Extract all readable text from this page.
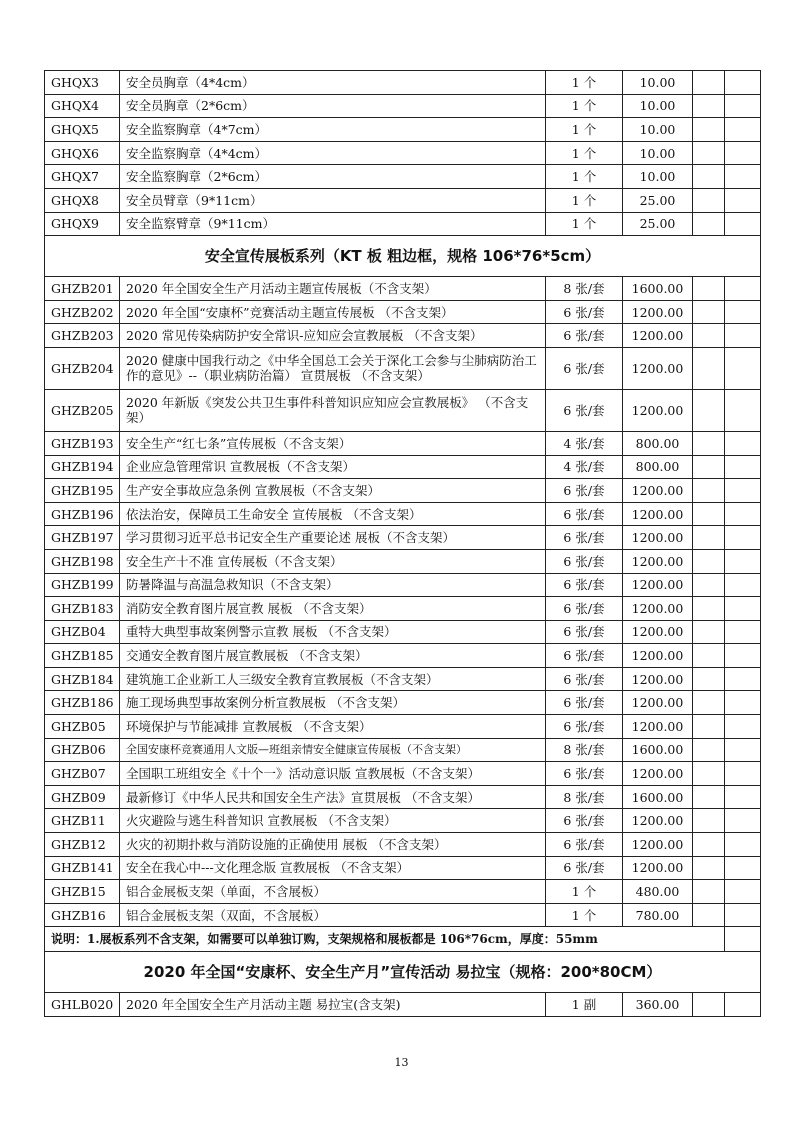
GHQX3	安全员胸章（4*4cm）	1 个	10.00		
GHQX4	安全员胸章（2*6cm）	1 个	10.00		
GHQX5	安全监察胸章（4*7cm）	1 个	10.00		
GHQX6	安全监察胸章（4*4cm）	1 个	10.00		
GHQX7	安全监察胸章（2*6cm）	1 个	10.00		
GHQX8	安全员臂章（9*11cm）	1 个	25.00		
GHQX9	安全监察臂章（9*11cm）	1 个	25.00		
安全宣传展板系列（KT 板 粗边框，规格 106*76*5cm）					
GHZB201	2020 年全国安全生产月活动主题宣传展板（不含支架）	8 张/套	1600.00		
GHZB202	2020 年全国“安康杯”竞赛活动主题宣传展板 （不含支架）	6 张/套	1200.00		
GHZB203	2020 常见传染病防护安全常识-应知应会宣教展板 （不含支架）	6 张/套	1200.00		
GHZB204	2020 健康中国我行动之《中华全国总工会关于深化工会参与尘肺病防治工作的意见》--（职业病防治篇） 宣贯展板 （不含支架）	6 张/套	1200.00		
GHZB205	2020 年新版《突发公共卫生事件科普知识应知应会宣教展板》 （不含支架）	6 张/套	1200.00		
GHZB193	安全生产“红七条”宣传展板（不含支架）	4 张/套	800.00		
GHZB194	企业应急管理常识 宣教展板（不含支架）	4 张/套	800.00		
GHZB195	生产安全事故应急条例 宣教展板（不含支架）	6 张/套	1200.00		
GHZB196	依法治安，保障员工生命安全 宣传展板 （不含支架）	6 张/套	1200.00		
GHZB197	学习贯彻习近平总书记安全生产重要论述 展板（不含支架）	6 张/套	1200.00		
GHZB198	安全生产十不准 宣传展板（不含支架）	6 张/套	1200.00		
GHZB199	防暑降温与高温急救知识（不含支架）	6 张/套	1200.00		
GHZB183	消防安全教育图片展宣教 展板 （不含支架）	6 张/套	1200.00		
GHZB04	重特大典型事故案例警示宣教 展板 （不含支架）	6 张/套	1200.00		
GHZB185	交通安全教育图片展宣教展板 （不含支架）	6 张/套	1200.00		
GHZB184	建筑施工企业新工人三级安全教育宣教展板（不含支架）	6 张/套	1200.00		
GHZB186	施工现场典型事故案例分析宣教展板 （不含支架）	6 张/套	1200.00		
GHZB05	环境保护与节能减排 宣教展板 （不含支架）	6 张/套	1200.00		
GHZB06	全国安康杯竞赛通用人文版—班组亲情安全健康宣传展板（不含支架）	8 张/套	1600.00		
GHZB07	全国职工班组安全《十个一》活动意识版 宣教展板（不含支架）	6 张/套	1200.00		
GHZB09	最新修订《中华人民共和国安全生产法》宣贯展板 （不含支架）	8 张/套	1600.00		
GHZB11	火灾避险与逃生科普知识 宣教展板 （不含支架）	6 张/套	1200.00		
GHZB12	火灾的初期扑救与消防设施的正确使用 展板 （不含支架）	6 张/套	1200.00		
GHZB141	安全在我心中---文化理念版 宣教展板 （不含支架）	6 张/套	1200.00		
GHZB15	铝合金展板支架（单面，不含展板）	1 个	480.00		
GHZB16	铝合金展板支架（双面，不含展板）	1 个	780.00		
说明：1.展板系列不含支架，如需要可以单独订购，支架规格和展板都是 106*76cm，厚度：55mm					
2020 年全国“安康杯、安全生产月”宣传活动 易拉宝（规格：200*80CM）					
GHLB020	2020 年全国安全生产月活动主题 易拉宝(含支架)	1 副	360.00		
13
